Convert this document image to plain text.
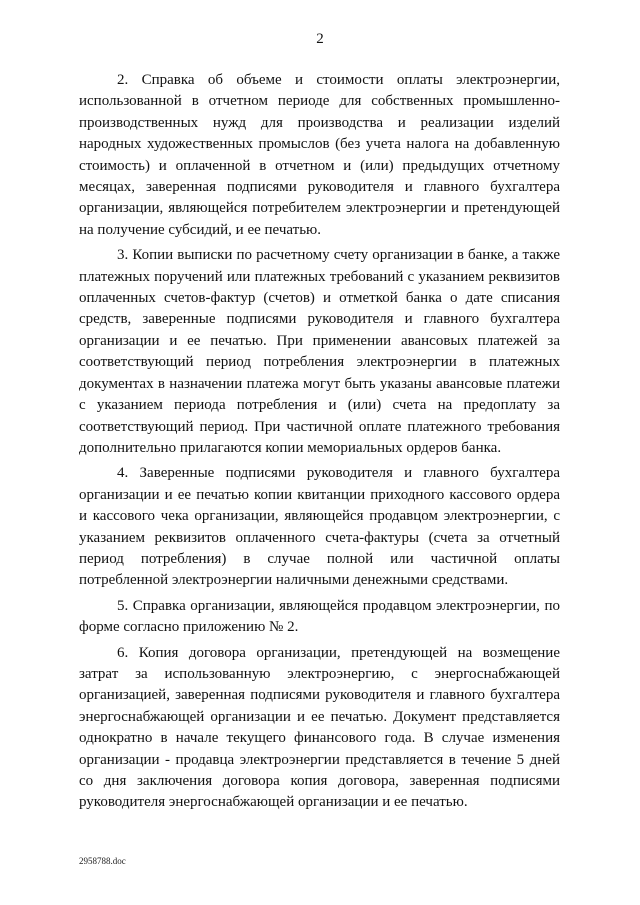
2

2. Справка об объеме и стоимости оплаты электроэнергии, использованной в отчетном периоде для собственных промышленно-производственных нужд для производства и реализации изделий народных художественных промыслов (без учета налога на добавленную стоимость) и оплаченной в отчетном и (или) предыдущих отчетному месяцах, заверенная подписями руководителя и главного бухгалтера организации, являющейся потребителем электроэнергии и претендующей на получение субсидий, и ее печатью.

3. Копии выписки по расчетному счету организации в банке, а также платежных поручений или платежных требований с указанием реквизитов оплаченных счетов-фактур (счетов) и отметкой банка о дате списания средств, заверенные подписями руководителя и главного бухгалтера организации и ее печатью. При применении авансовых платежей за соответствующий период потребления электроэнергии в платежных документах в назначении платежа могут быть указаны авансовые платежи с указанием периода потребления и (или) счета на предоплату за соответствующий период. При частичной оплате платежного требования дополнительно прилагаются копии мемориальных ордеров банка.

4. Заверенные подписями руководителя и главного бухгалтера организации и ее печатью копии квитанции приходного кассового ордера и кассового чека организации, являющейся продавцом электроэнергии, с указанием реквизитов оплаченного счета-фактуры (счета за отчетный период потребления) в случае полной или частичной оплаты потребленной электроэнергии наличными денежными средствами.

5. Справка организации, являющейся продавцом электроэнергии, по форме согласно приложению № 2.

6. Копия договора организации, претендующей на возмещение затрат за использованную электроэнергию, с энергоснабжающей организацией, заверенная подписями руководителя и главного бухгалтера энергоснабжающей организации и ее печатью. Документ представляется однократно в начале текущего финансового года. В случае изменения организации - продавца электроэнергии представляется в течение 5 дней со дня заключения договора копия договора, заверенная подписями руководителя энергоснабжающей организации и ее печатью.

2958788.doc
